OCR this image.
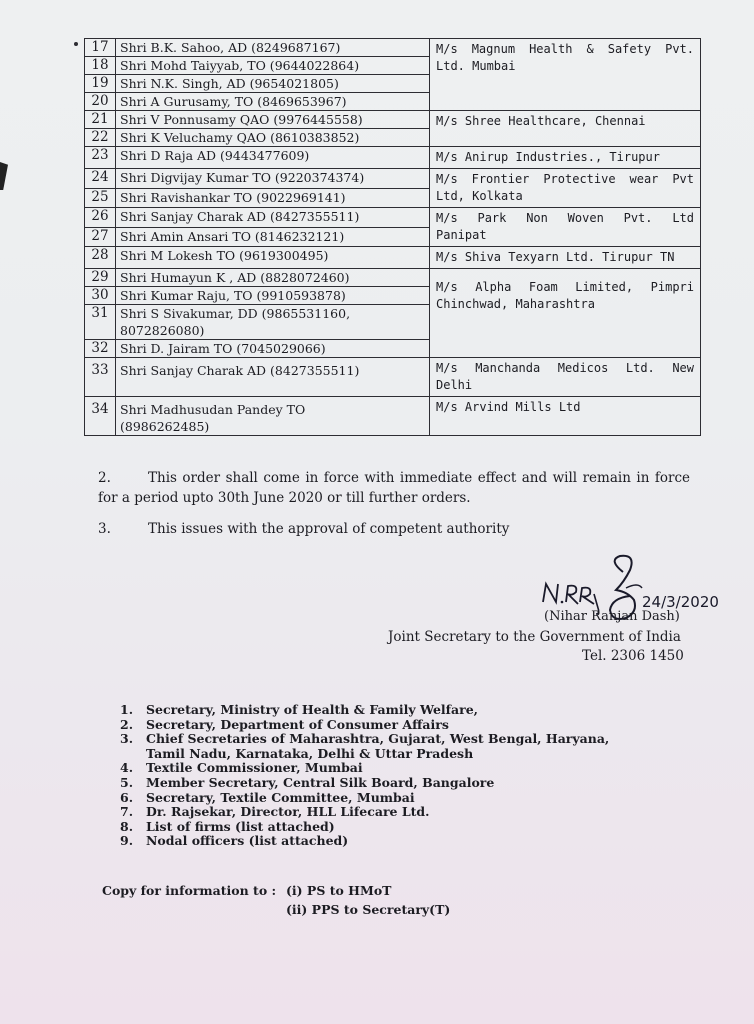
17	Shri B.K. Sahoo, AD (8249687167)	M/s Magnum Health & Safety Pvt.
Ltd. Mumbai

18	Shri Mohd Taiyyab, TO (9644022864)	
19	Shri N.K. Singh, AD (9654021805)	
20	Shri A Gurusamy, TO (8469653967)	
21	Shri V Ponnusamy QAO (9976445558)	M/s Shree Healthcare, Chennai

22	Shri K Veluchamy QAO (8610383852)	
23	Shri D Raja AD (9443477609)	M/s Anirup Industries., Tirupur

24	Shri Digvijay Kumar TO (9220374374)	M/s Frontier Protective wear Pvt
Ltd, Kolkata

25	Shri Ravishankar TO (9022969141)	
26	Shri Sanjay Charak AD (8427355511)	M/s Park Non Woven Pvt. Ltd
Panipat

27	Shri Amin Ansari TO (8146232121)	
28	Shri M Lokesh TO (9619300495)	M/s Shiva Texyarn Ltd. Tirupur TN

29	Shri Humayun K , AD (8828072460)	M/s Alpha Foam Limited, Pimpri
Chinchwad, Maharashtra

30	Shri Kumar Raju, TO (9910593878)	
31	Shri S Sivakumar, DD (9865531160, 8072826080)	
32	Shri D. Jairam TO (7045029066)	
33	Shri Sanjay Charak AD (8427355511)	M/s Manchanda Medicos Ltd. New
Delhi

34	Shri Madhusudan Pandey TO (8986262485)	M/s Arvind Mills Ltd
2.	This order shall come in force with immediate effect and will remain in force for a period upto 30th June 2020 or till further orders.
3.	This issues with the approval of competent authority
24/3/2020
(Nihar Ranjan Dash)
Joint Secretary to the Government of India
Tel. 2306 1450
1.	Secretary, Ministry of Health & Family Welfare,
2.	Secretary, Department of Consumer Affairs
3.	Chief Secretaries of Maharashtra, Gujarat, West Bengal, Haryana, Tamil Nadu, Karnataka, Delhi & Uttar Pradesh
4.	Textile Commissioner, Mumbai
5.	Member Secretary, Central Silk Board, Bangalore
6.	Secretary, Textile Committee, Mumbai
7.	Dr. Rajsekar, Director, HLL Lifecare Ltd.
8.	List of firms (list attached)
9.	Nodal officers (list attached)
Copy for information to : (i) PS to HMoT
(ii) PPS to Secretary(T)
